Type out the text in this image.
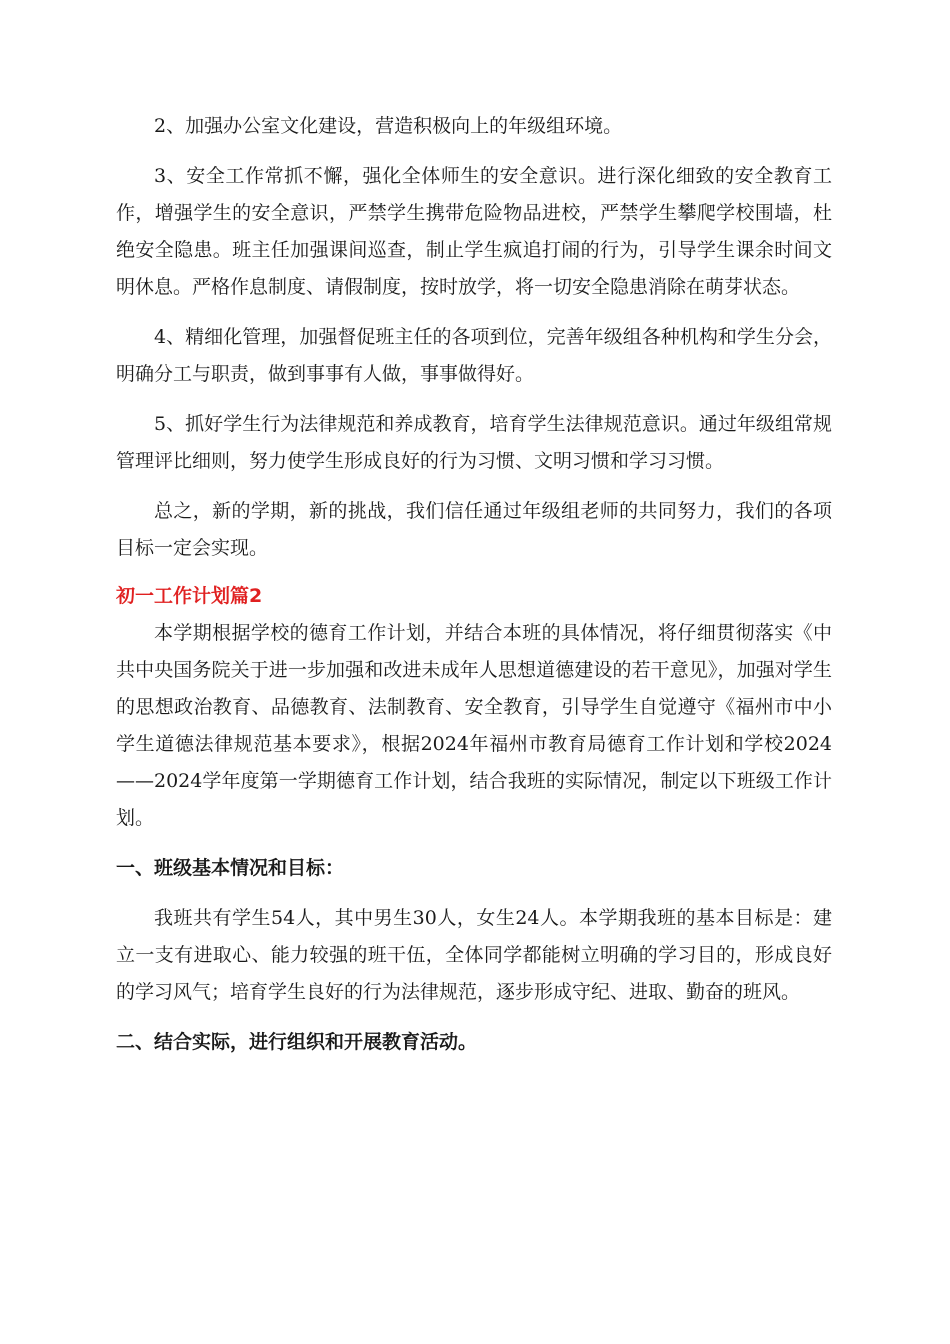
2、加强办公室文化建设，营造积极向上的年级组环境。

3、安全工作常抓不懈，强化全体师生的安全意识。进行深化细致的安全教育工作，增强学生的安全意识，严禁学生携带危险物品进校，严禁学生攀爬学校围墙，杜绝安全隐患。班主任加强课间巡查，制止学生疯追打闹的行为，引导学生课余时间文明休息。严格作息制度、请假制度，按时放学，将一切安全隐患消除在萌芽状态。

4、精细化管理，加强督促班主任的各项到位，完善年级组各种机构和学生分会，明确分工与职责，做到事事有人做，事事做得好。

5、抓好学生行为法律规范和养成教育，培育学生法律规范意识。通过年级组常规管理评比细则，努力使学生形成良好的行为习惯、文明习惯和学习习惯。

总之，新的学期，新的挑战，我们信任通过年级组老师的共同努力，我们的各项目标一定会实现。

初一工作计划篇2

本学期根据学校的德育工作计划，并结合本班的具体情况，将仔细贯彻落实《中共中央国务院关于进一步加强和改进未成年人思想道德建设的若干意见》，加强对学生的思想政治教育、品德教育、法制教育、安全教育，引导学生自觉遵守《福州市中小学生道德法律规范基本要求》，根据2024年福州市教育局德育工作计划和学校2024——2024学年度第一学期德育工作计划，结合我班的实际情况，制定以下班级工作计划。

一、班级基本情况和目标：

我班共有学生54人，其中男生30人，女生24人。本学期我班的基本目标是：建立一支有进取心、能力较强的班干伍，全体同学都能树立明确的学习目的，形成良好的学习风气；培育学生良好的行为法律规范，逐步形成守纪、进取、勤奋的班风。

二、结合实际，进行组织和开展教育活动。
